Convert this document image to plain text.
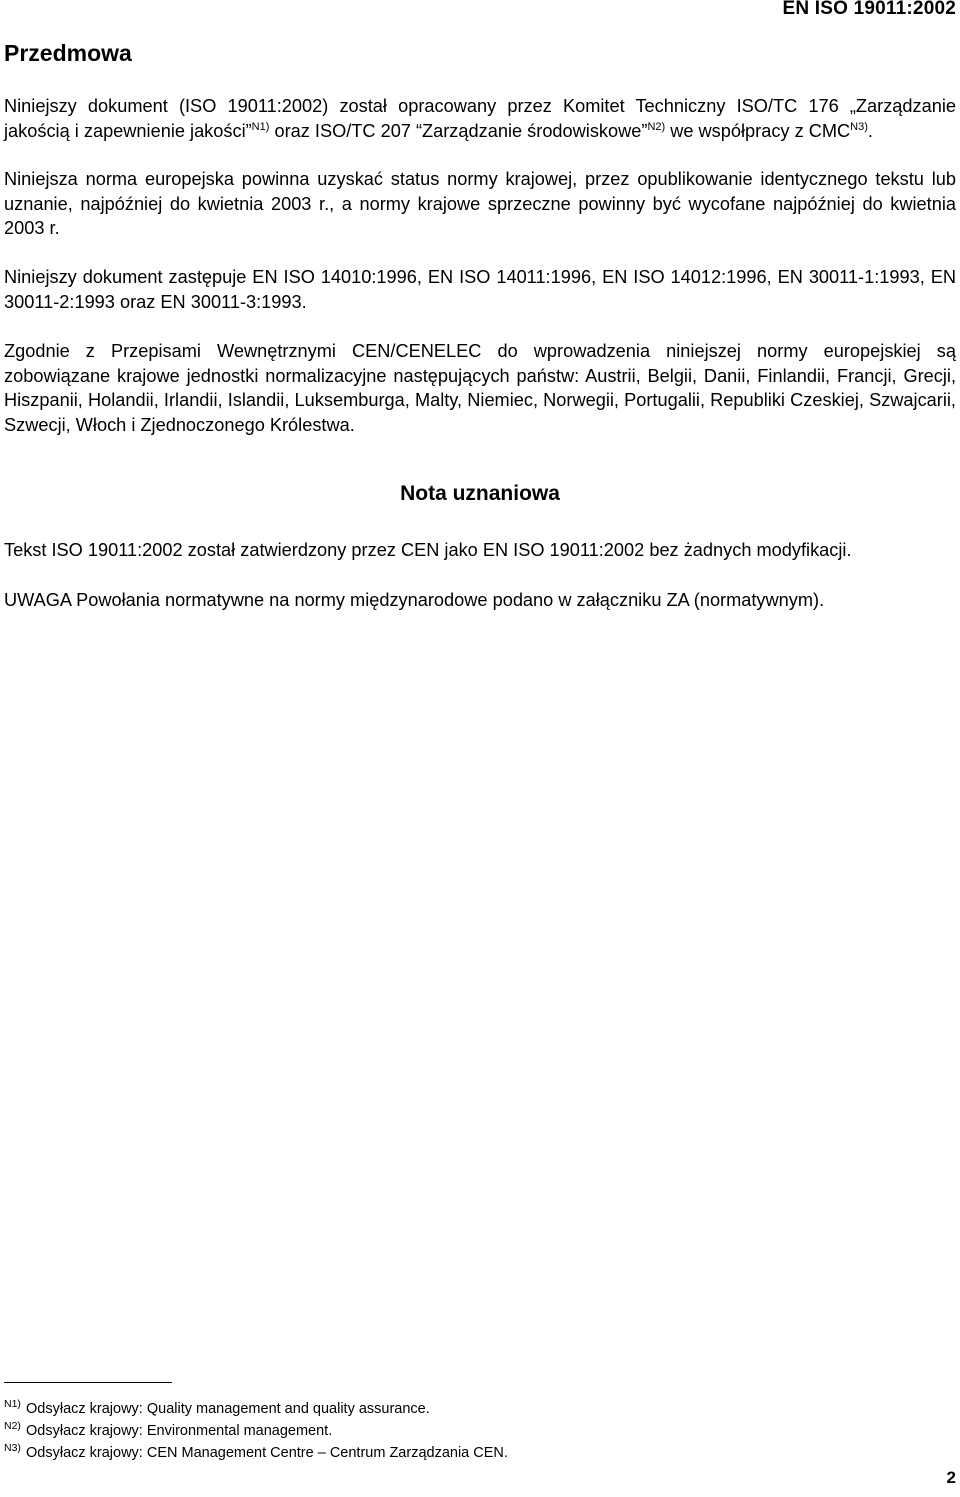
EN ISO 19011:2002
Przedmowa

Niniejszy dokument (ISO 19011:2002) został opracowany przez Komitet Techniczny ISO/TC 176 „Zarządzanie jakością i zapewnienie jakości”$^{N1)}$ oraz ISO/TC 207 “Zarządzanie środowiskowe”$^{N2)}$ we współpracy z $CMC^{N3)}$.

Niniejsza norma europejska powinna uzyskać status normy krajowej, przez opublikowanie identycznego tekstu lub uznanie, najpóźniej do kwietnia 2003 r., a normy krajowe sprzeczne powinny być wycofane najpóźniej do kwietnia 2003 r.

Niniejszy dokument zastępuje EN ISO 14010:1996, EN ISO 14011:1996, EN ISO 14012:1996, EN 30011-1:1993, EN 30011-2:1993 oraz EN 30011-3:1993.

Zgodnie z Przepisami Wewnętrznymi CEN/CENELEC do wprowadzenia niniejszej normy europejskiej są zobowiązane krajowe jednostki normalizacyjne następujących państw: Austrii, Belgii, Danii, Finlandii, Francji, Grecji, Hiszpanii, Holandii, Irlandii, Islandii, Luksemburga, Malty, Niemiec, Norwegii, Portugalii, Republiki Czeskiej, Szwajcarii, Szwecji, Włoch i Zjednoczonego Królestwa.

Nota uznaniowa

Tekst ISO 19011:2002 został zatwierdzony przez CEN jako EN ISO 19011:2002 bez żadnych modyfikacji.

UWAGA Powołania normatywne na normy międzynarodowe podano w załączniku ZA (normatywnym).

N1) Odsyłacz krajowy: Quality management and quality assurance.
N2) Odsyłacz krajowy: Environmental management.
N3) Odsyłacz krajowy: CEN Management Centre – Centrum Zarządzania CEN.
2
